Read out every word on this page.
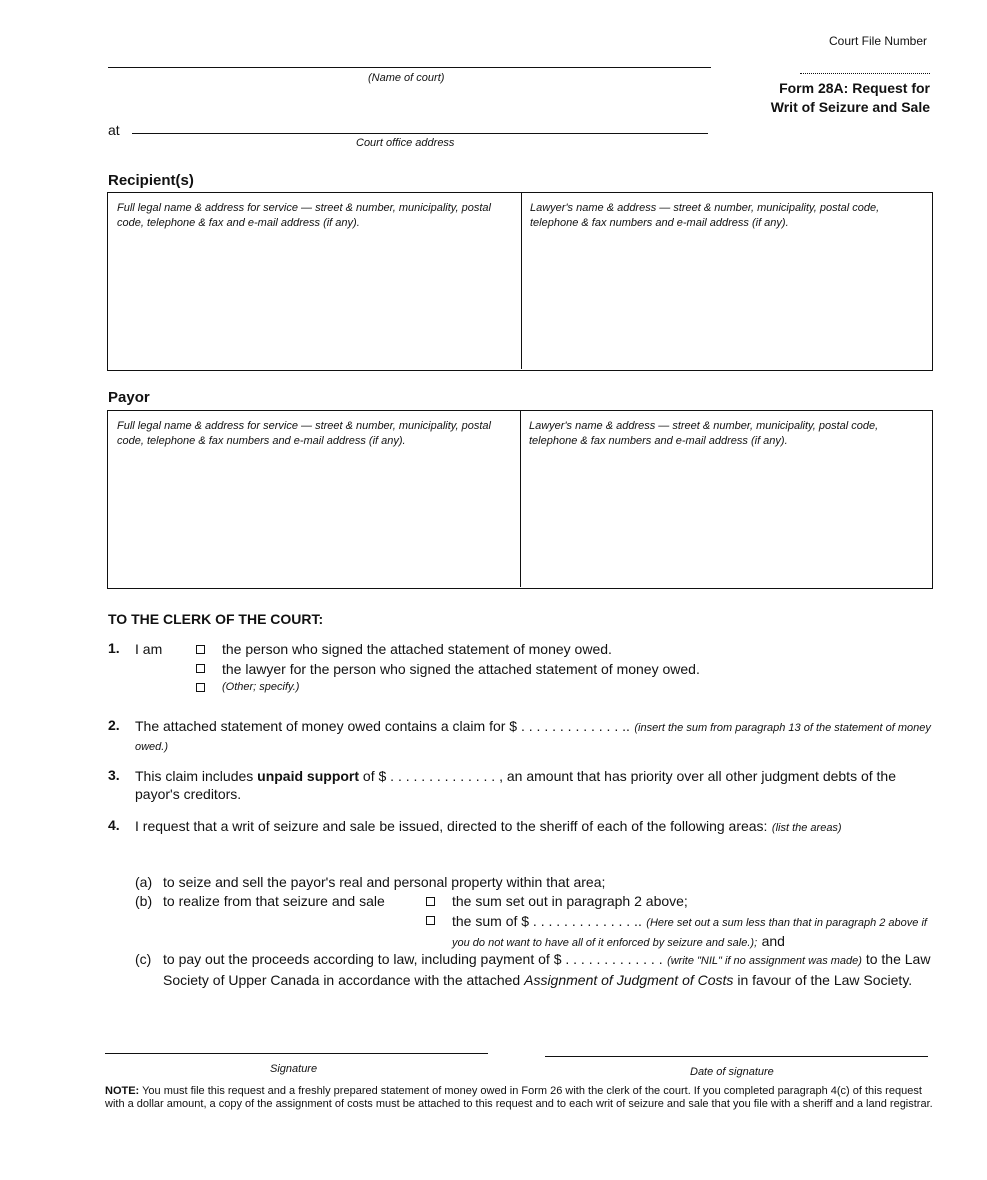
Court File Number
(Name of court)
Form 28A: Request for
Writ of Seizure and Sale
at
Court office address
Recipient(s)
Full legal name & address for service — street & number, municipality, postal code, telephone & fax and e-mail address (if any).
Lawyer's name & address — street & number, municipality, postal code, telephone & fax numbers and e-mail address (if any).
Payor
Full legal name & address for service — street & number, municipality, postal code, telephone & fax numbers and e-mail address (if any).
Lawyer's name & address — street & number, municipality, postal code, telephone & fax numbers and e-mail address (if any).
TO THE CLERK OF THE COURT:
1. I am	the person who signed the attached statement of money owed.
the lawyer for the person who signed the attached statement of money owed.
(Other; specify.)
2. The attached statement of money owed contains a claim for $ . . . . . . . . . . . . . .. (insert the sum from paragraph 13 of the statement of money owed.)
3. This claim includes unpaid support of $ . . . . . . . . . . . . . . , an amount that has priority over all other judgment debts of the payor's creditors.
4. I request that a writ of seizure and sale be issued, directed to the sheriff of each of the following areas: (list the areas)
(a) to seize and sell the payor's real and personal property within that area;
(b) to realize from that seizure and sale	the sum set out in paragraph 2 above;
the sum of $ . . . . . . . . . . . . . .. (Here set out a sum less than that in paragraph 2 above if you do not want to have all of it enforced by seizure and sale.); and
(c) to pay out the proceeds according to law, including payment of $ . . . . . . . . . . . . . (write "NIL" if no assignment was made) to the Law Society of Upper Canada in accordance with the attached Assignment of Judgment of Costs in favour of the Law Society.
Signature	Date of signature
NOTE: You must file this request and a freshly prepared statement of money owed in Form 26 with the clerk of the court. If you completed paragraph 4(c) of this request with a dollar amount, a copy of the assignment of costs must be attached to this request and to each writ of seizure and sale that you file with a sheriff and a land registrar.
